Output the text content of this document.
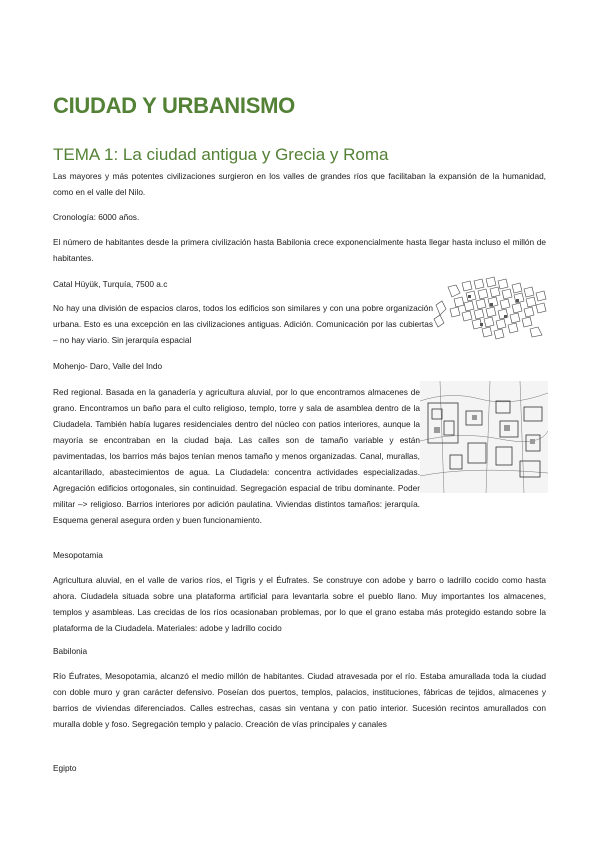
CIUDAD Y URBANISMO
TEMA 1: La ciudad antigua y Grecia y Roma

Las mayores y más potentes civilizaciones surgieron en los valles de grandes ríos que facilitaban la expansión de la humanidad, como en el valle del Nilo.

Cronología: 6000 años.

El número de habitantes desde la primera civilización hasta Babilonia crece exponencialmente hasta llegar hasta incluso el millón de habitantes.

Catal Hüyük, Turquía, 7500 a.c

No hay una división de espacios claros, todos los edificios son similares y con una pobre organización urbana. Esto es una excepción en las civilizaciones antiguas. Adición. Comunicación por las cubiertas – no hay viario. Sin jerarquía espacial

Mohenjo- Daro, Valle del Indo

Red regional. Basada en la ganadería y agricultura aluvial, por lo que encontramos almacenes de grano. Encontramos un baño para el culto religioso, templo, torre y sala de asamblea dentro de la Ciudadela. También había lugares residenciales dentro del núcleo con patios interiores, aunque la mayoría se encontraban en la ciudad baja. Las calles son de tamaño variable y están pavimentadas, los barrios más bajos tenían menos tamaño y menos organizadas. Canal, murallas, alcantarillado, abastecimientos de agua. La Ciudadela: concentra actividades especializadas. Agregación edificios ortogonales, sin continuidad. Segregación espacial de tribu dominante. Poder militar –> religioso. Barrios interiores por adición paulatina. Viviendas distintos tamaños: jerarquía. Esquema general asegura orden y buen funcionamiento.

Mesopotamia

Agricultura aluvial, en el valle de varios ríos, el Tigris y el Éufrates. Se construye con adobe y barro o ladrillo cocido como hasta ahora. Ciudadela situada sobre una plataforma artificial para levantarla sobre el pueblo llano. Muy importantes los almacenes, templos y asambleas. Las crecidas de los ríos ocasionaban problemas, por lo que el grano estaba más protegido estando sobre la plataforma de la Ciudadela. Materiales: adobe y ladrillo cocido

Babilonia

Río Éufrates, Mesopotamia, alcanzó el medio millón de habitantes. Ciudad atravesada por el río. Estaba amurallada toda la ciudad con doble muro y gran carácter defensivo. Poseían dos puertos, templos, palacios, instituciones, fábricas de tejidos, almacenes y barrios de viviendas diferenciados. Calles estrechas, casas sin ventana y con patio interior. Sucesión recintos amurallados con muralla doble y foso. Segregación templo y palacio. Creación de vías principales y canales

Egipto
